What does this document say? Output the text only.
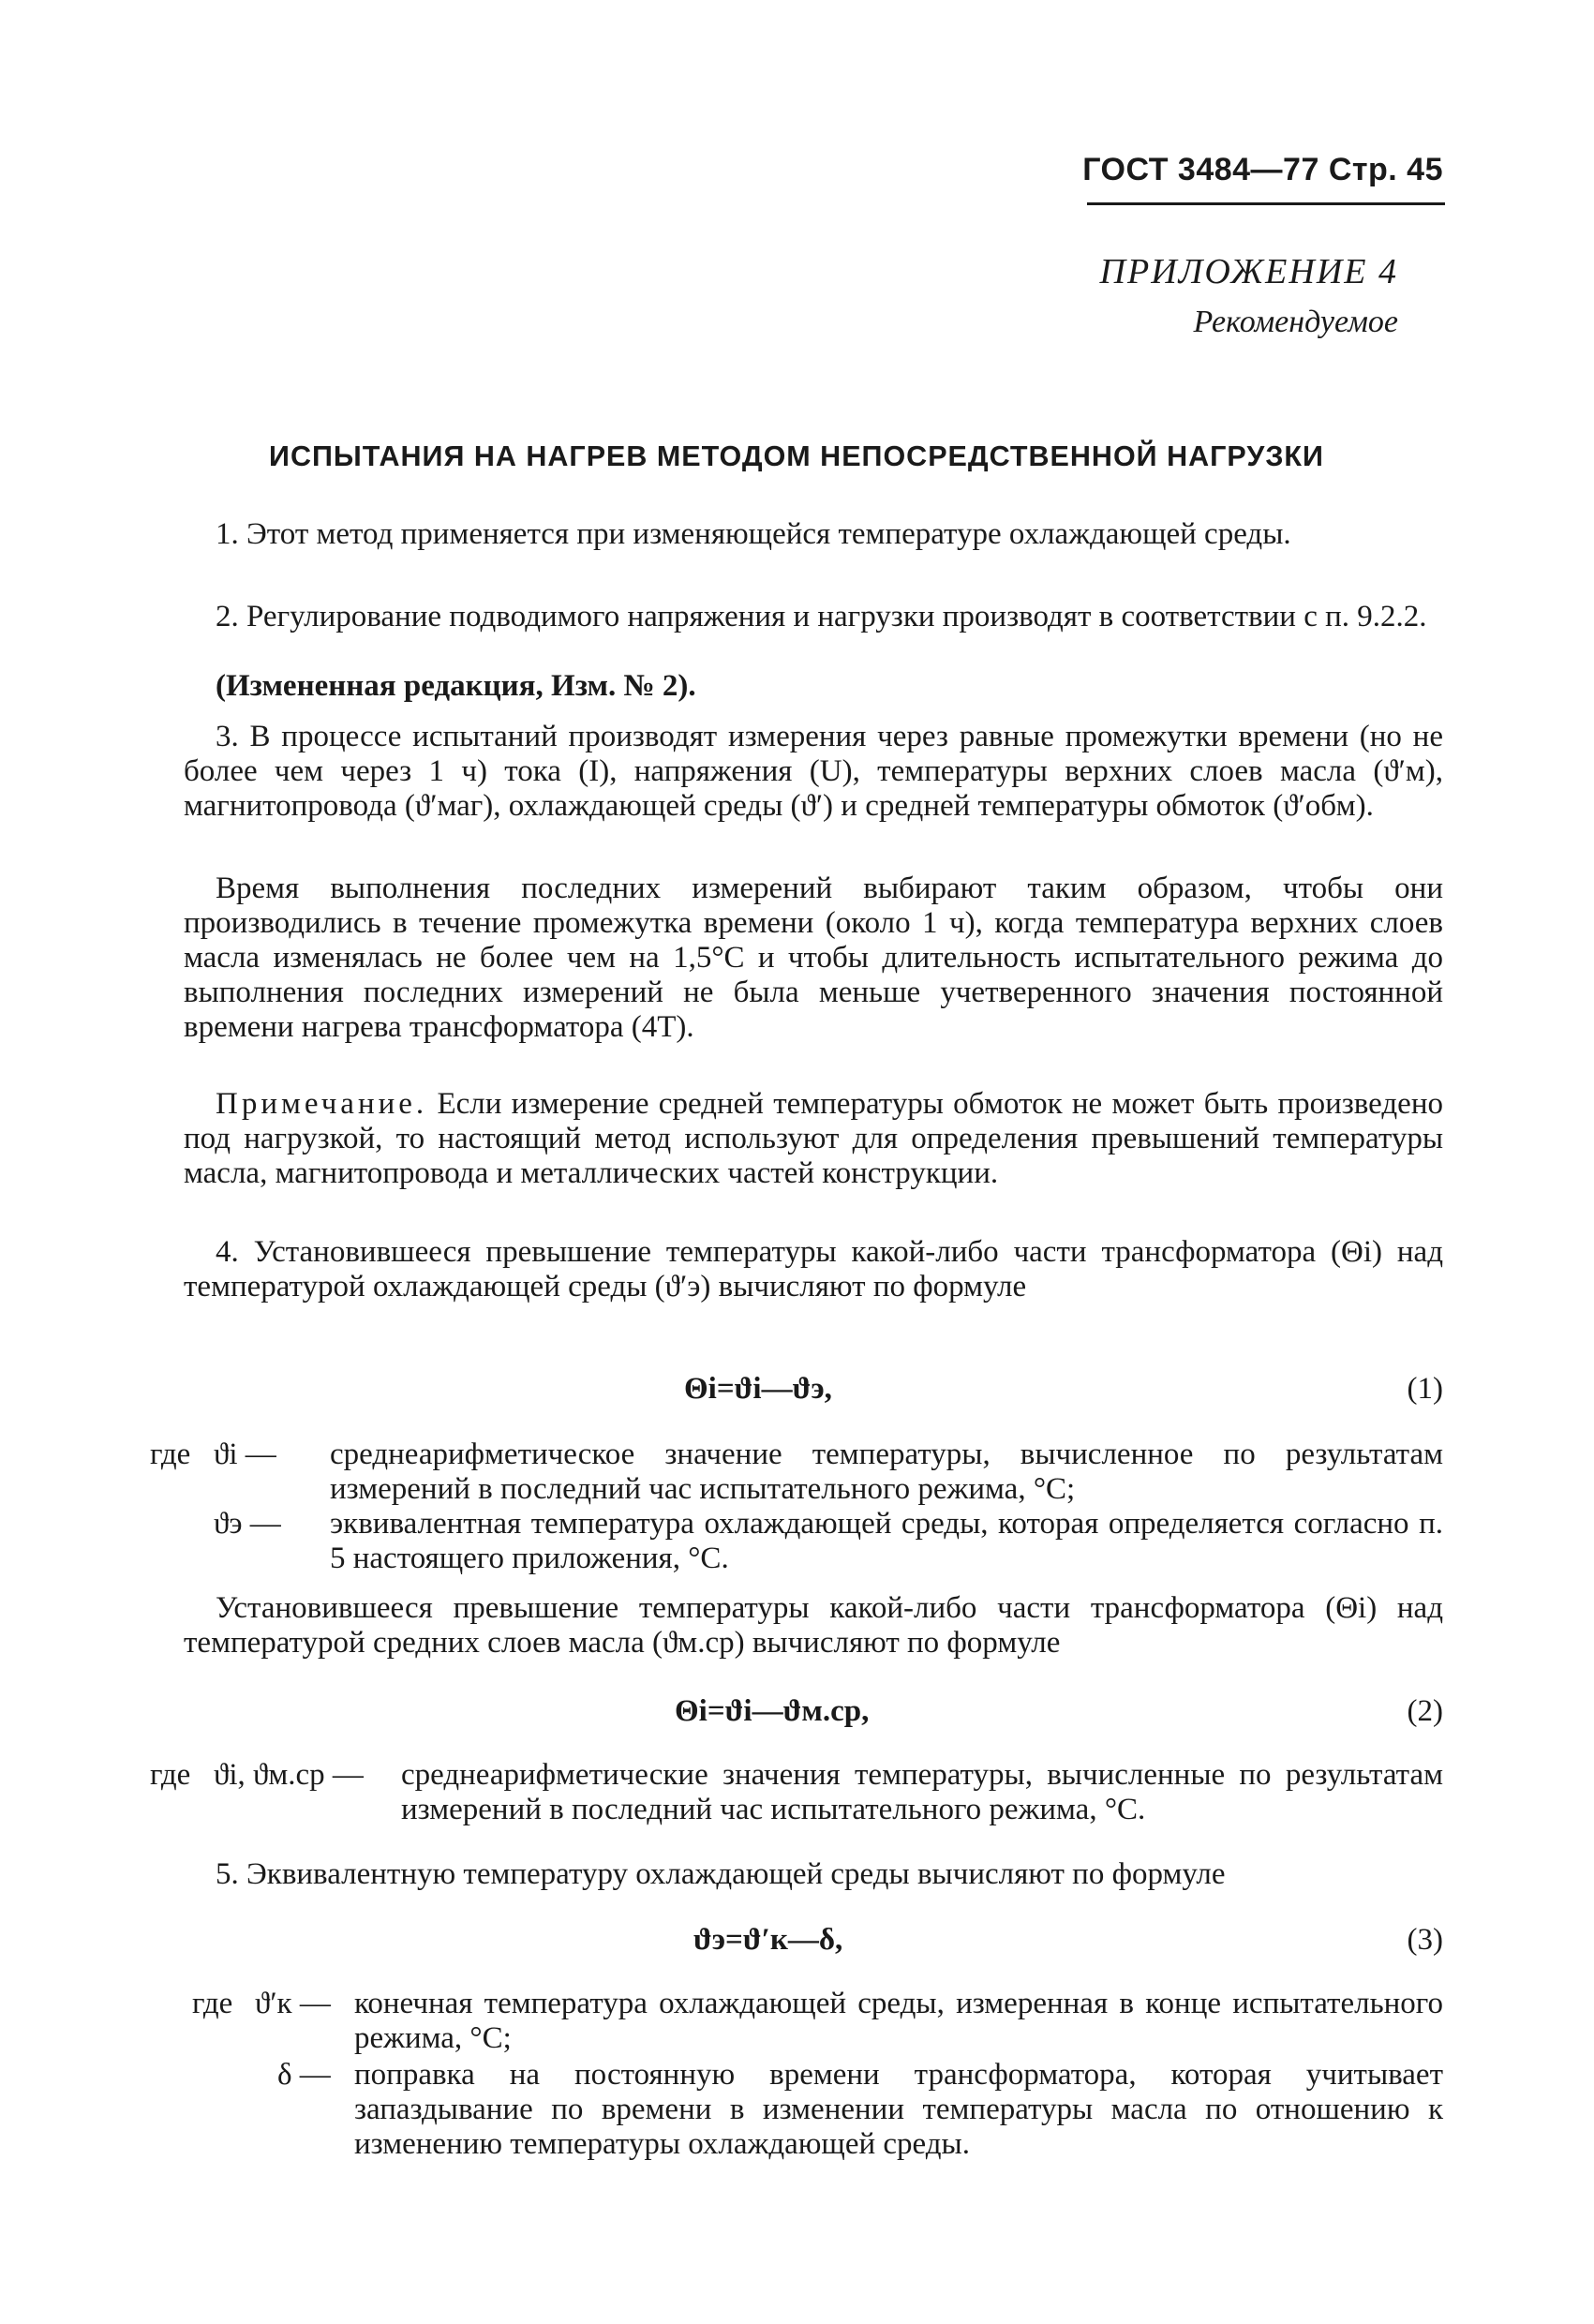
ГОСТ 3484—77 Стр. 45
ПРИЛОЖЕНИЕ 4
Рекомендуемое
ИСПЫТАНИЯ НА НАГРЕВ МЕТОДОМ НЕПОСРЕДСТВЕННОЙ НАГРУЗКИ

1. Этот метод применяется при изменяющейся температуре охлаждающей среды.

2. Регулирование подводимого напряжения и нагрузки производят в соответствии с п. 9.2.2.

(Измененная редакция, Изм. № 2).

3. В процессе испытаний производят измерения через равные промежутки времени (но не более чем через 1 ч) тока (I), напряжения (U), температуры верхних слоев масла (ϑ′м), магнитопровода (ϑ′маг), охлаждающей среды (ϑ′) и средней температуры обмоток (ϑ′обм).

Время выполнения последних измерений выбирают таким образом, чтобы они производились в течение промежутка времени (около 1 ч), когда температура верхних слоев масла изменялась не более чем на 1,5°С и чтобы длительность испытательного режима до выполнения последних измерений не была меньше учетверенного значения постоянной времени нагрева трансформатора (4T).

Примечание. Если измерение средней температуры обмоток не может быть произведено под нагрузкой, то настоящий метод используют для определения превышений температуры масла, магнитопровода и металлических частей конструкции.

4. Установившееся превышение температуры какой-либо части трансформатора (Θi) над температурой охлаждающей среды (ϑ′э) вычисляют по формуле

Θi=ϑi—ϑэ,	(1)
где ϑi — среднеарифметическое значение температуры, вычисленное по результатам измерений в последний час испытательного режима, °С;
ϑэ — эквивалентная температура охлаждающей среды, которая определяется согласно п. 5 настоящего приложения, °С.

Установившееся превышение температуры какой-либо части трансформатора (Θi) над температурой средних слоев масла (ϑм.ср) вычисляют по формуле

Θi=ϑi—ϑм.ср,	(2)
где ϑi, ϑм.ср — среднеарифметические значения температуры, вычисленные по результатам измерений в последний час испытательного режима, °С.

5. Эквивалентную температуру охлаждающей среды вычисляют по формуле

ϑэ=ϑ′к—δ,	(3)
где ϑ′к — конечная температура охлаждающей среды, измеренная в конце испытательного режима, °С;
δ — поправка на постоянную времени трансформатора, которая учитывает запаздывание по времени в изменении температуры масла по отношению к изменению температуры охлаждающей среды.
